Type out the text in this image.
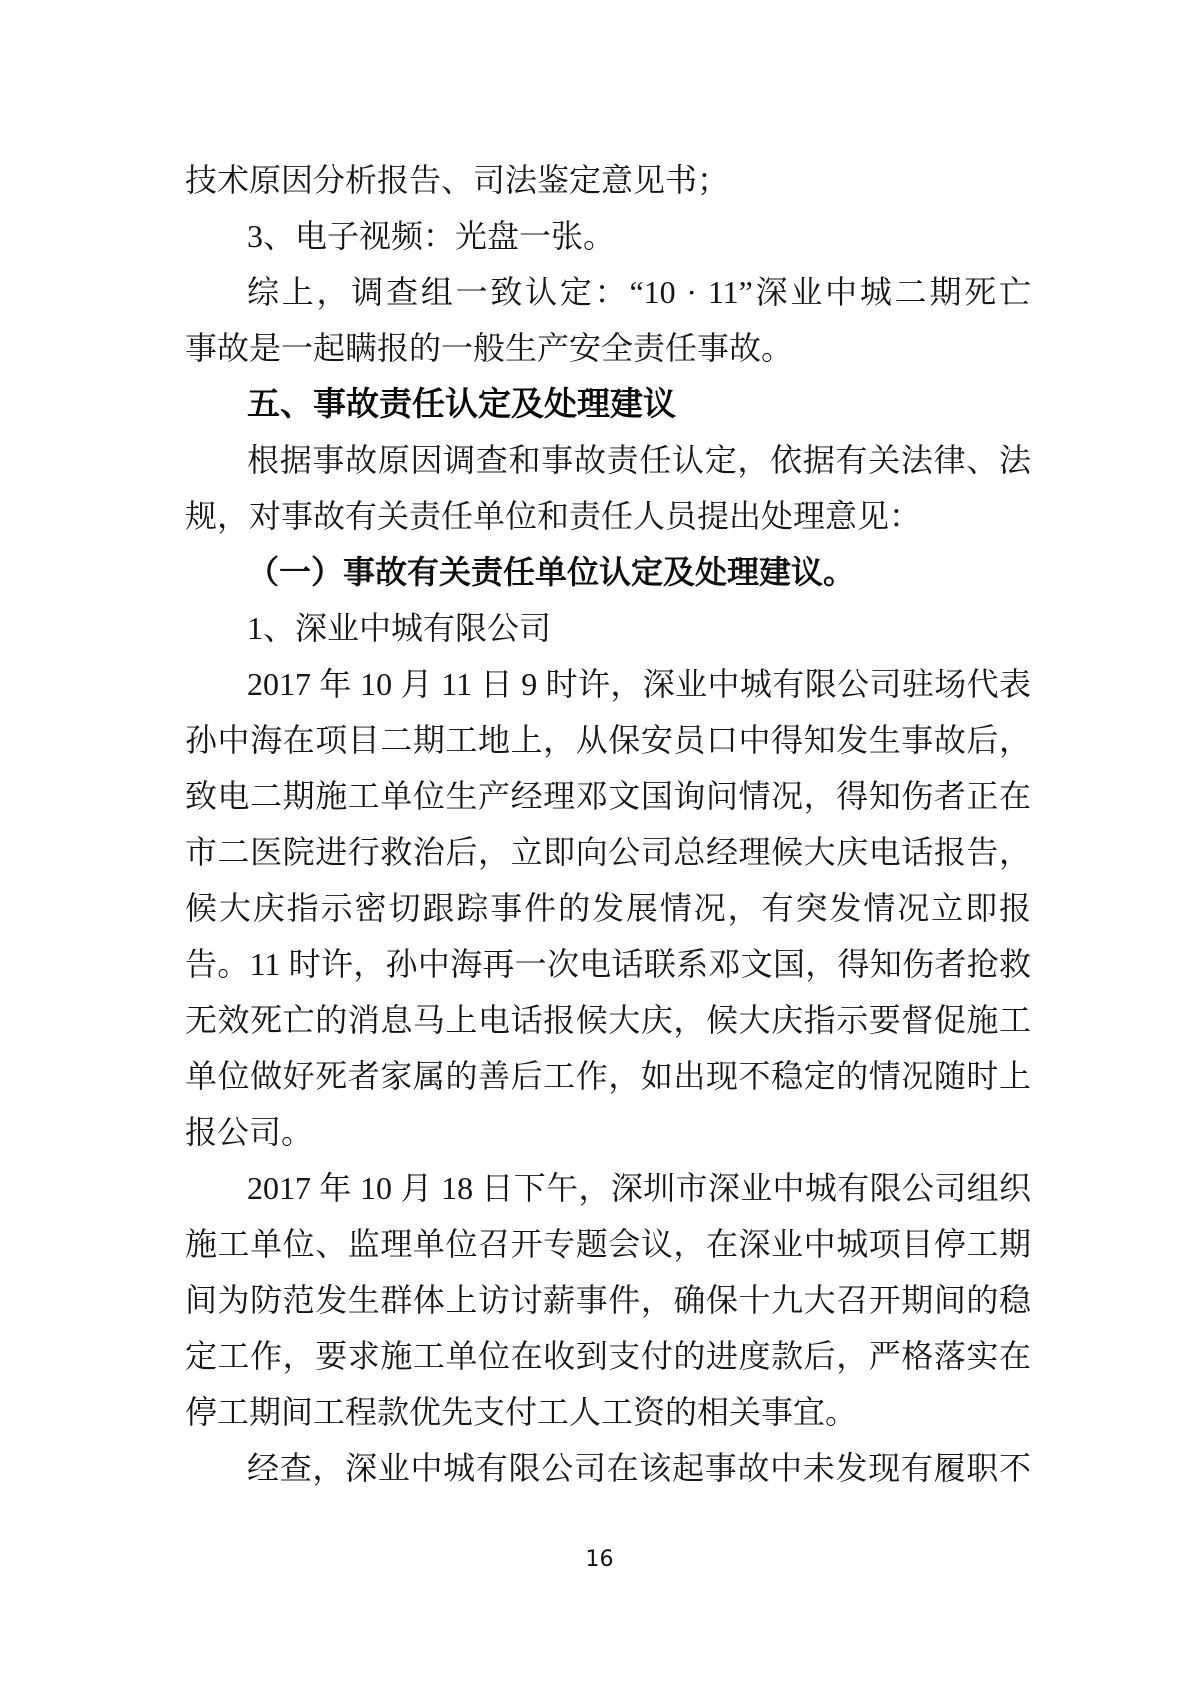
技术原因分析报告、司法鉴定意见书；
3、电子视频：光盘一张。
综上，调查组一致认定：“10 · 11”深业中城二期死亡
事故是一起瞒报的一般生产安全责任事故。
五、事故责任认定及处理建议
根据事故原因调查和事故责任认定，依据有关法律、法
规，对事故有关责任单位和责任人员提出处理意见：
（一）事故有关责任单位认定及处理建议。
1、深业中城有限公司
2017 年 10 月 11 日 9 时许，深业中城有限公司驻场代表
孙中海在项目二期工地上，从保安员口中得知发生事故后，
致电二期施工单位生产经理邓文国询问情况，得知伤者正在
市二医院进行救治后，立即向公司总经理候大庆电话报告，
候大庆指示密切跟踪事件的发展情况，有突发情况立即报
告。11 时许，孙中海再一次电话联系邓文国，得知伤者抢救
无效死亡的消息马上电话报候大庆，候大庆指示要督促施工
单位做好死者家属的善后工作，如出现不稳定的情况随时上
报公司。
2017 年 10 月 18 日下午，深圳市深业中城有限公司组织
施工单位、监理单位召开专题会议，在深业中城项目停工期
间为防范发生群体上访讨薪事件，确保十九大召开期间的稳
定工作，要求施工单位在收到支付的进度款后，严格落实在
停工期间工程款优先支付工人工资的相关事宜。
经查，深业中城有限公司在该起事故中未发现有履职不
16
